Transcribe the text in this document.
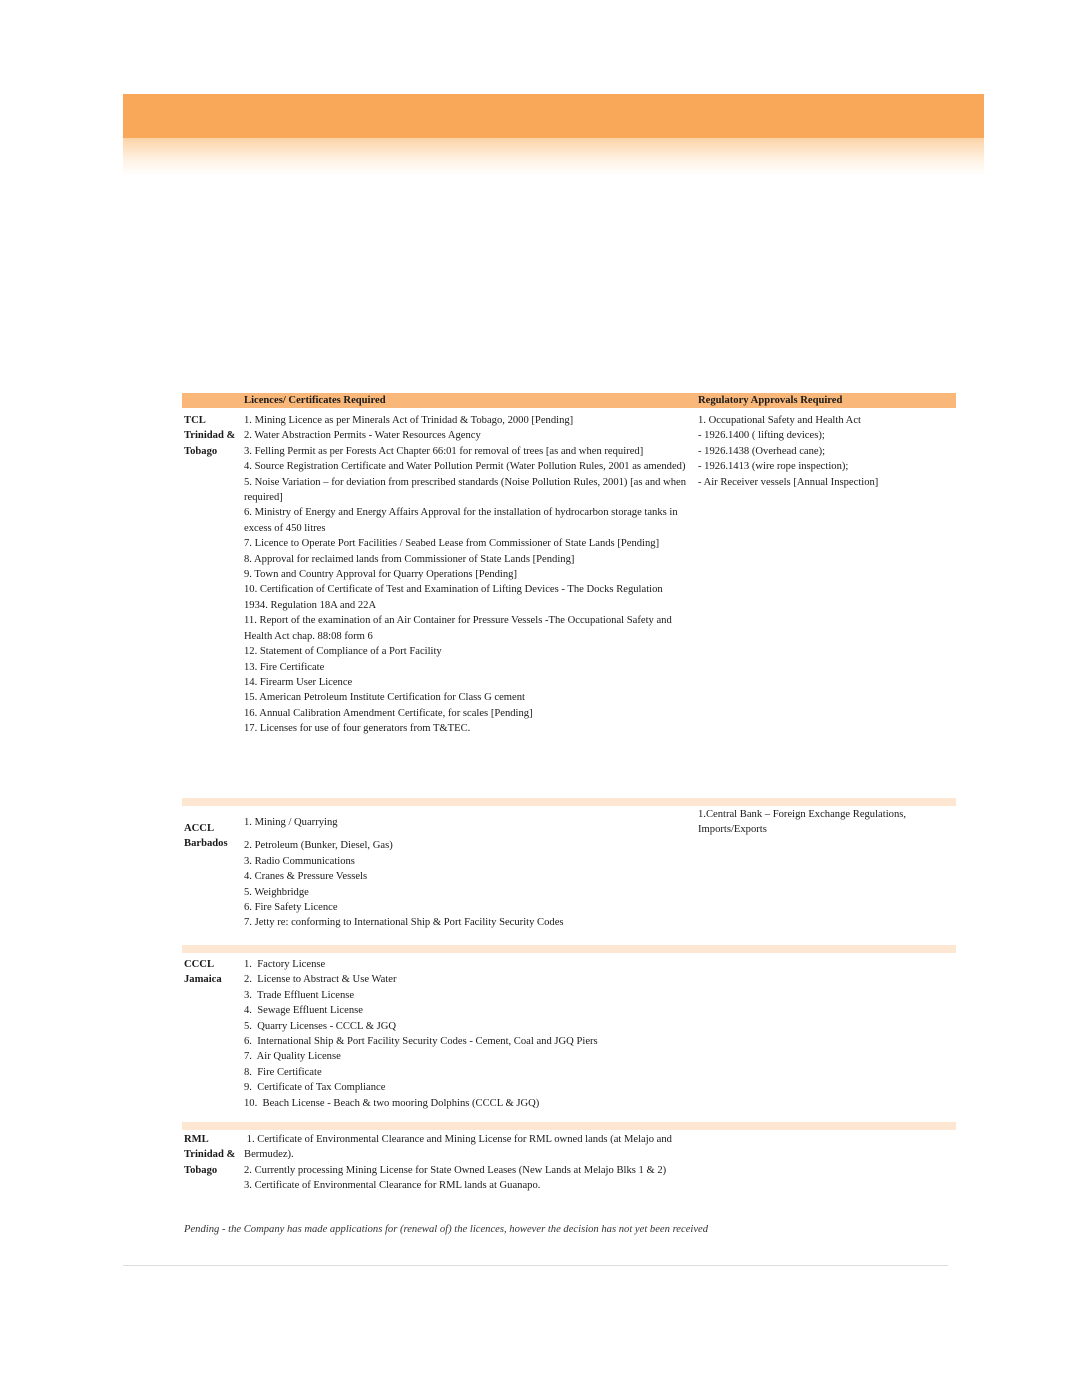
Licences/ Certificates Required	Regulatory Approvals Required
TCL
Trinidad &
Tobago
1. Mining Licence as per Minerals Act of Trinidad & Tobago, 2000 [Pending]
2. Water Abstraction Permits - Water Resources Agency
3. Felling Permit as per Forests Act Chapter 66:01 for removal of trees [as and when required]
4. Source Registration Certificate and Water Pollution Permit (Water Pollution Rules, 2001 as amended)
5. Noise Variation – for deviation from prescribed standards (Noise Pollution Rules, 2001) [as and when required]
6. Ministry of Energy and Energy Affairs Approval for the installation of hydrocarbon storage tanks in excess of 450 litres
7. Licence to Operate Port Facilities / Seabed Lease from Commissioner of State Lands [Pending]
8. Approval for reclaimed lands from Commissioner of State Lands [Pending]
9. Town and Country Approval for Quarry Operations [Pending]
10. Certification of Certificate of Test and Examination of Lifting Devices - The Docks Regulation 1934. Regulation 18A and 22A
11. Report of the examination of an Air Container for Pressure Vessels -The Occupational Safety and Health Act chap. 88:08 form 6
12. Statement of Compliance of a Port Facility
13. Fire Certificate
14. Firearm User Licence
15. American Petroleum Institute Certification for Class G cement
16. Annual Calibration Amendment Certificate, for scales [Pending]
17. Licenses for use of four generators from T&TEC.
1. Occupational Safety and Health Act
- 1926.1400 ( lifting devices);
- 1926.1438 (Overhead cane);
- 1926.1413 (wire rope inspection);
- Air Receiver vessels [Annual Inspection]
ACCL
Barbados
1. Mining / Quarrying
2. Petroleum (Bunker, Diesel, Gas)
3. Radio Communications
4. Cranes & Pressure Vessels
5. Weighbridge
6. Fire Safety Licence
7. Jetty re: conforming to International Ship & Port Facility Security Codes
1.Central Bank – Foreign Exchange Regulations, Imports/Exports
CCCL
Jamaica
1.  Factory License
2.  License to Abstract & Use Water
3.  Trade Effluent License
4.  Sewage Effluent License
5.  Quarry Licenses - CCCL & JGQ
6.  International Ship & Port Facility Security Codes - Cement, Coal and JGQ Piers
7.  Air Quality License
8.  Fire Certificate
9.  Certificate of Tax Compliance
10.  Beach License - Beach & two mooring Dolphins (CCCL & JGQ)
RML
Trinidad &
Tobago
1. Certificate of Environmental Clearance and Mining License for RML owned lands (at Melajo and Bermudez).
2. Currently processing Mining License for State Owned Leases (New Lands at Melajo Blks 1 & 2)
3. Certificate of Environmental Clearance for RML lands at Guanapo.
Pending - the Company has made applications for (renewal of) the licences, however the decision has not yet been received
